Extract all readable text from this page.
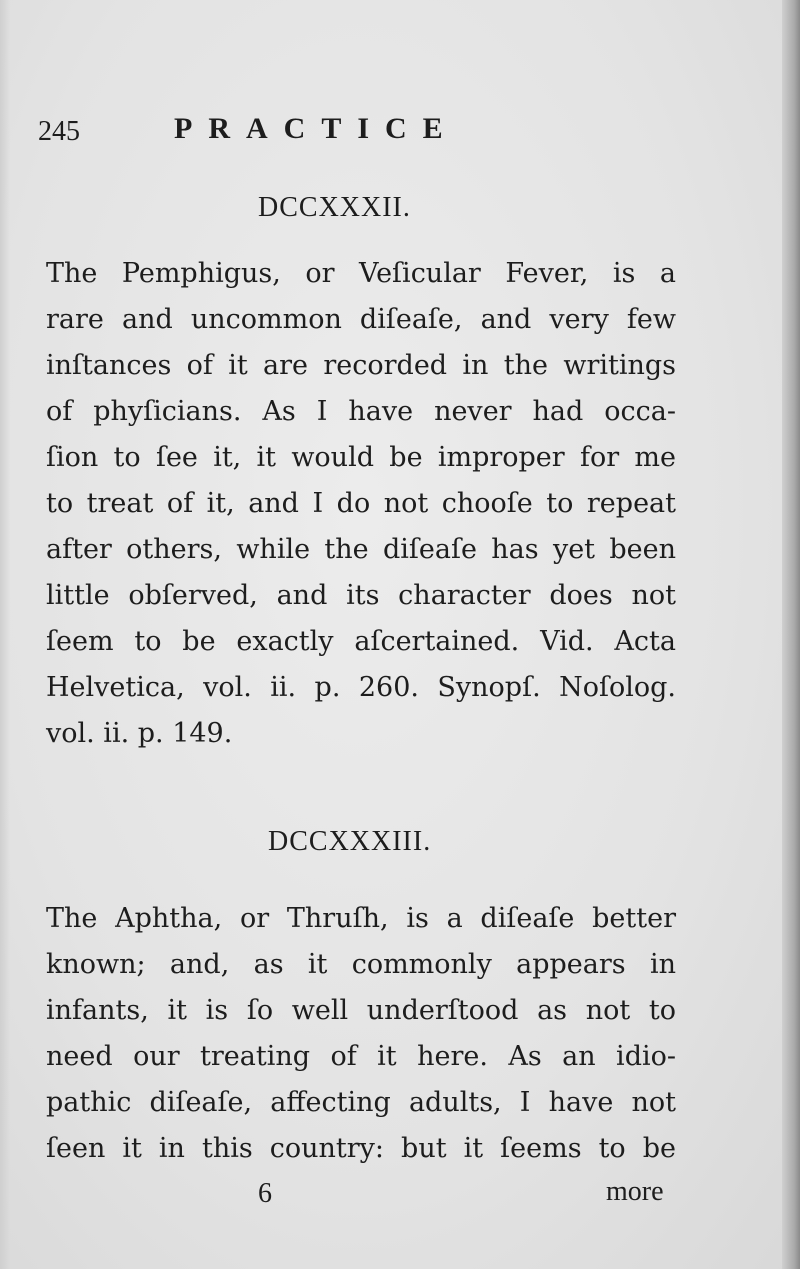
245	PRACTICE
DCCXXXII.
The Pemphigus, or Veſicular Fever, is a
rare and uncommon diſeaſe, and very few
inſtances of it are recorded in the writings
of phyſicians. As I have never had occa-
ſion to ſee it, it would be improper for me
to treat of it, and I do not chooſe to repeat
after others, while the diſeaſe has yet been
little obſerved, and its character does not
ſeem to be exactly aſcertained. Vid. Acta
Helvetica, vol. ii. p. 260. Synopſ. Noſolog.
vol. ii. p. 149.
DCCXXXIII.
The Aphtha, or Thruſh, is a diſeaſe better
known; and, as it commonly appears in
infants, it is ſo well underſtood as not to
need our treating of it here. As an idio-
pathic diſeaſe, affecting adults, I have not
ſeen it in this country: but it ſeems to be
6	more
